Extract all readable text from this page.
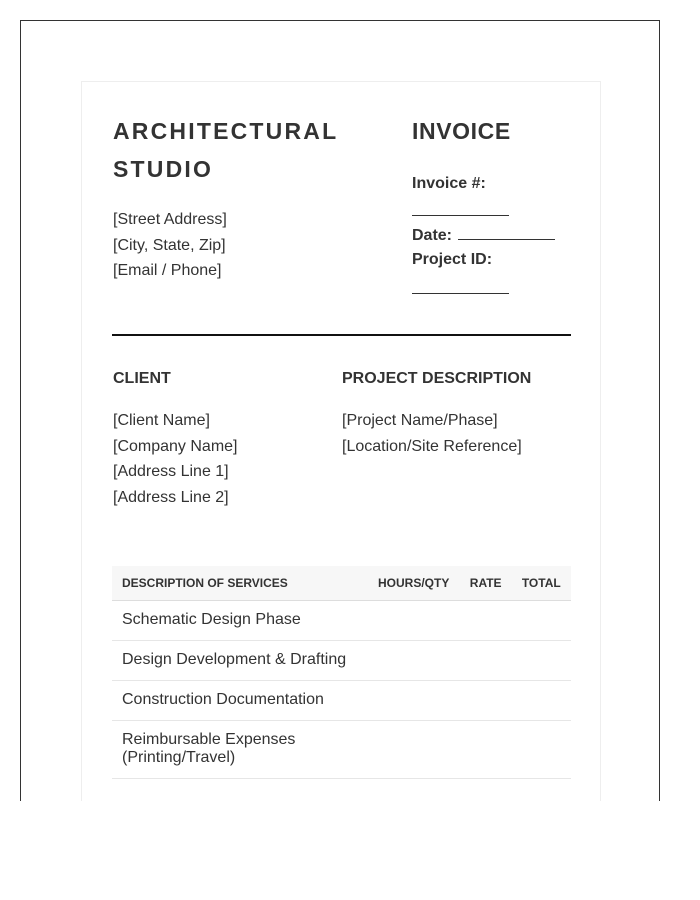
ARCHITECTURAL
STUDIO
[Street Address]
[City, State, Zip]
[Email / Phone]
INVOICE
Invoice #:
Date:
Project ID:
CLIENT
[Client Name]
[Company Name]
[Address Line 1]
[Address Line 2]
PROJECT DESCRIPTION
[Project Name/Phase]
[Location/Site Reference]
DESCRIPTION OF SERVICES	HOURS/QTY	RATE	TOTAL
Schematic Design Phase			
Design Development & Drafting			
Construction Documentation			

Reimbursable Expenses
(Printing/Travel)			
